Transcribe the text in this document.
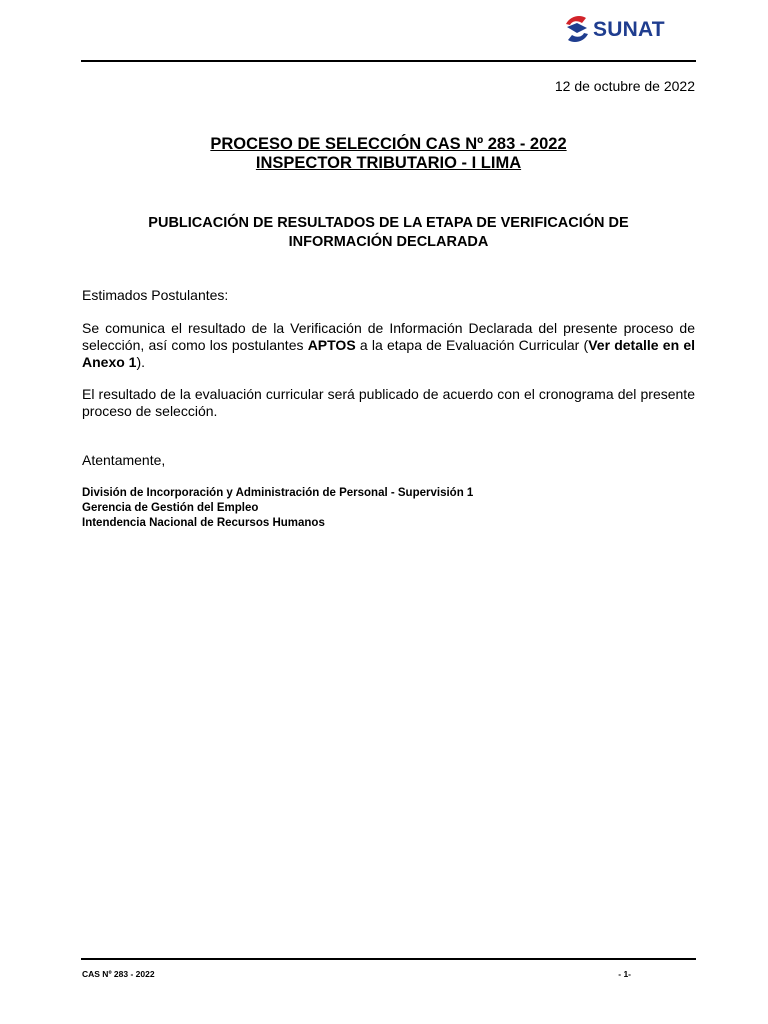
SUNAT
12 de octubre de 2022
PROCESO DE SELECCIÓN CAS Nº 283 - 2022
INSPECTOR TRIBUTARIO - I LIMA
PUBLICACIÓN DE RESULTADOS DE LA ETAPA DE VERIFICACIÓN DE
INFORMACIÓN DECLARADA
Estimados Postulantes:
Se comunica el resultado de la Verificación de Información Declarada del presente proceso de selección, así como los postulantes APTOS a la etapa de Evaluación Curricular (Ver detalle en el Anexo 1).
El resultado de la evaluación curricular será publicado de acuerdo con el cronograma del presente proceso de selección.
Atentamente,
División de Incorporación y Administración de Personal - Supervisión 1
Gerencia de Gestión del Empleo
Intendencia Nacional de Recursos Humanos
CAS Nº 283 - 2022	- 1-
